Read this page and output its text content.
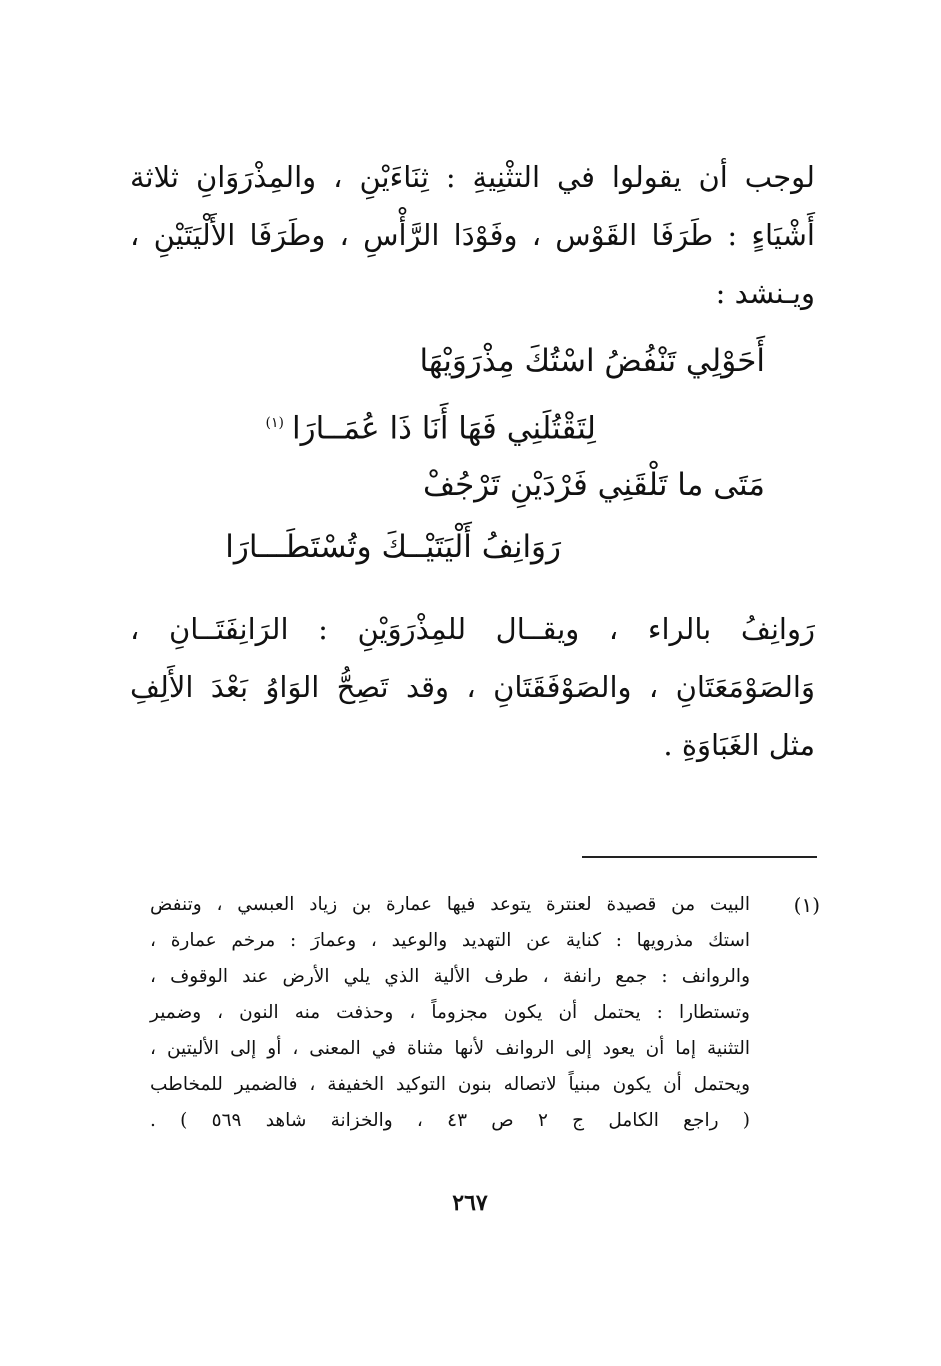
لوجب أن يقولوا في التثْنِيةِ : ثِنَاءَيْنِ ، والمِذْرَوَانِ ثلاثة
أَشْيَاءٍ : طَرَفَا القَوْس ، وفَوْدَا الرَّأْسِ ، وطَرَفَا الأَلْيَتَيْنِ ،
ويـنشد :
أَحَوْلِي تَنْفُضُ اسْتُكَ مِذْرَوَيْهَا
لِتَقْتُلَنِي فَهَا أَنَا ذَا عُمَــارَا$^{(١)}$
مَتَى ما تَلْقَنِي فَرْدَيْنِ تَرْجُفْ
رَوَانِفُ أَلْيَتَيْــكَ وتُسْتَطَـــارَا
رَوانِفُ بالراء ، ويقــال للمِذْرَوَيْنِ : الرَانِفَتَــانِ ،
وَالصَوْمَعَتَانِ ، والصَوْفَقَتَانِ ، وقد تَصِحُّ الوَاوُ بَعْدَ الأَلِفِ
مثل الغَبَاوَةِ .
(١)
البيت من قصيدة لعنترة يتوعد فيها عمارة بن زياد العبسي ، وتنفض
استك مذرويها : كناية عن التهديد والوعيد ، وعمارَ : مرخم عمارة ،
والروانف : جمع رانفة ، طرف الألية الذي يلي الأرض عند الوقوف ،
وتستطارا : يحتمل أن يكون مجزوماً ، وحذفت منه النون ، وضمير
التثنية إما أن يعود إلى الروانف لأنها مثناة في المعنى ، أو إلى الأليتين ،
ويحتمل أن يكون مبنياً لاتصاله بنون التوكيد الخفيفة ، فالضمير للمخاطب
( راجع الكامل ج ٢ ص ٤٣ ، والخزانة شاهد ٥٦٩ ) .
٢٦٧
